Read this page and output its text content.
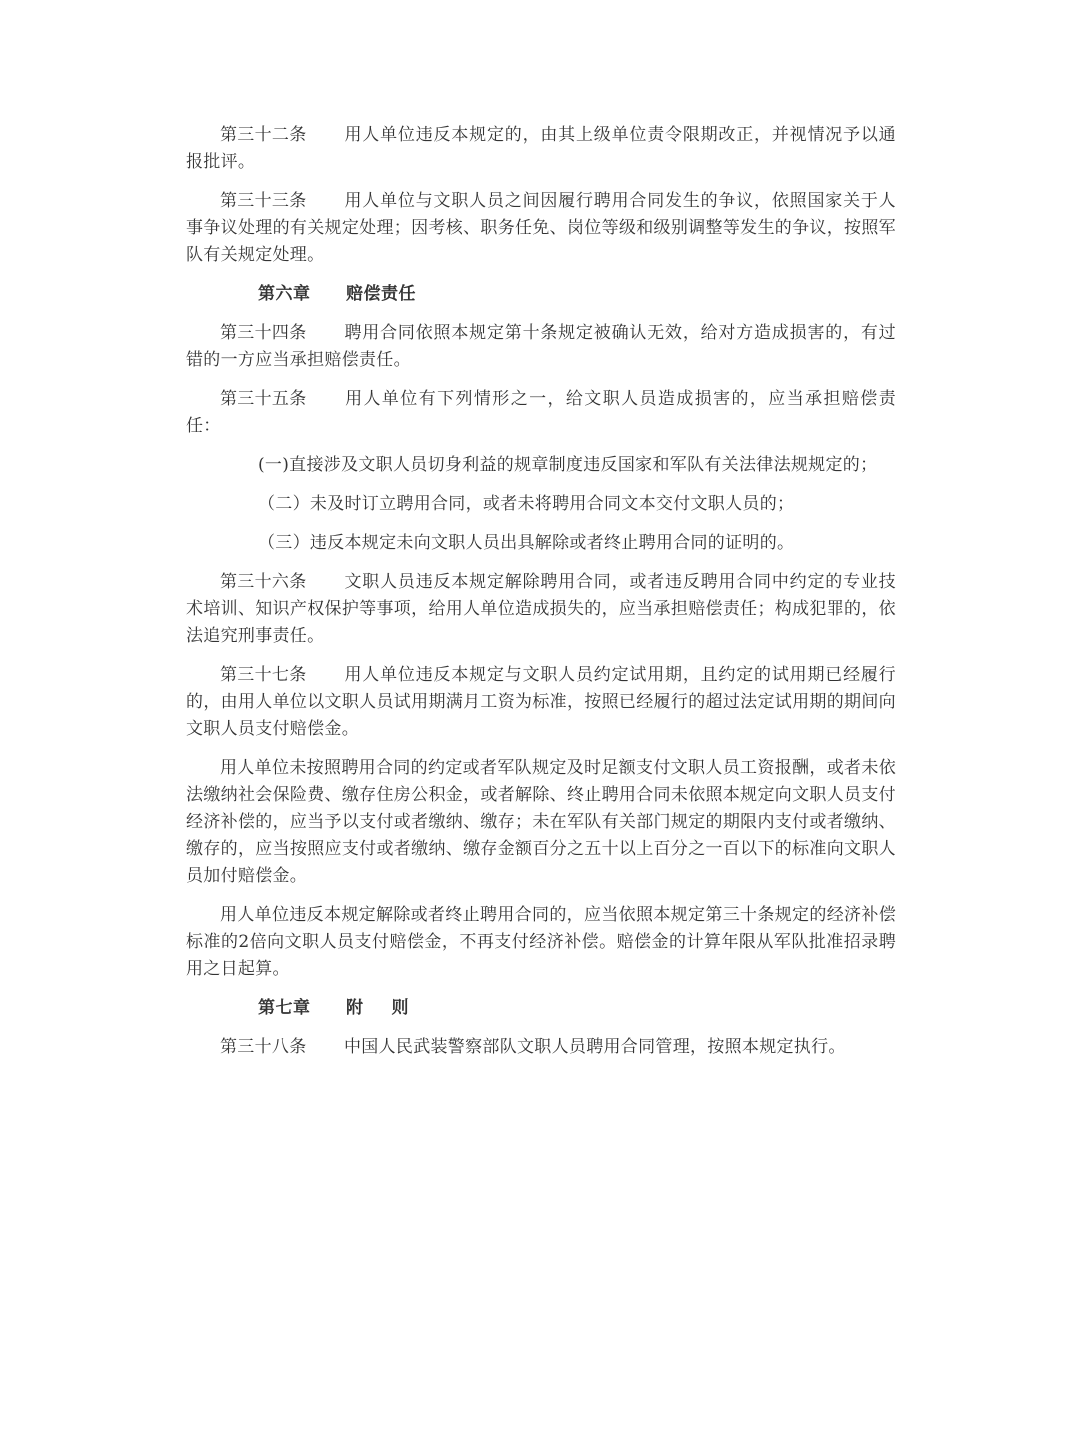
第三十二条 用人单位违反本规定的，由其上级单位责令限期改正，并视情况予以通报批评。

第三十三条 用人单位与文职人员之间因履行聘用合同发生的争议，依照国家关于人事争议处理的有关规定处理；因考核、职务任免、岗位等级和级别调整等发生的争议，按照军队有关规定处理。

第六章 赔偿责任

第三十四条 聘用合同依照本规定第十条规定被确认无效，给对方造成损害的，有过错的一方应当承担赔偿责任。

第三十五条 用人单位有下列情形之一，给文职人员造成损害的，应当承担赔偿责任：

(一)直接涉及文职人员切身利益的规章制度违反国家和军队有关法律法规规定的；
（二）未及时订立聘用合同，或者未将聘用合同文本交付文职人员的；
（三）违反本规定未向文职人员出具解除或者终止聘用合同的证明的。

第三十六条 文职人员违反本规定解除聘用合同，或者违反聘用合同中约定的专业技术培训、知识产权保护等事项，给用人单位造成损失的，应当承担赔偿责任；构成犯罪的，依法追究刑事责任。

第三十七条 用人单位违反本规定与文职人员约定试用期，且约定的试用期已经履行的，由用人单位以文职人员试用期满月工资为标准，按照已经履行的超过法定试用期的期间向文职人员支付赔偿金。

用人单位未按照聘用合同的约定或者军队规定及时足额支付文职人员工资报酬，或者未依法缴纳社会保险费、缴存住房公积金，或者解除、终止聘用合同未依照本规定向文职人员支付经济补偿的，应当予以支付或者缴纳、缴存；未在军队有关部门规定的期限内支付或者缴纳、缴存的，应当按照应支付或者缴纳、缴存金额百分之五十以上百分之一百以下的标准向文职人员加付赔偿金。

用人单位违反本规定解除或者终止聘用合同的，应当依照本规定第三十条规定的经济补偿标准的2倍向文职人员支付赔偿金，不再支付经济补偿。赔偿金的计算年限从军队批准招录聘用之日起算。

第七章 附 则

第三十八条 中国人民武装警察部队文职人员聘用合同管理，按照本规定执行。
